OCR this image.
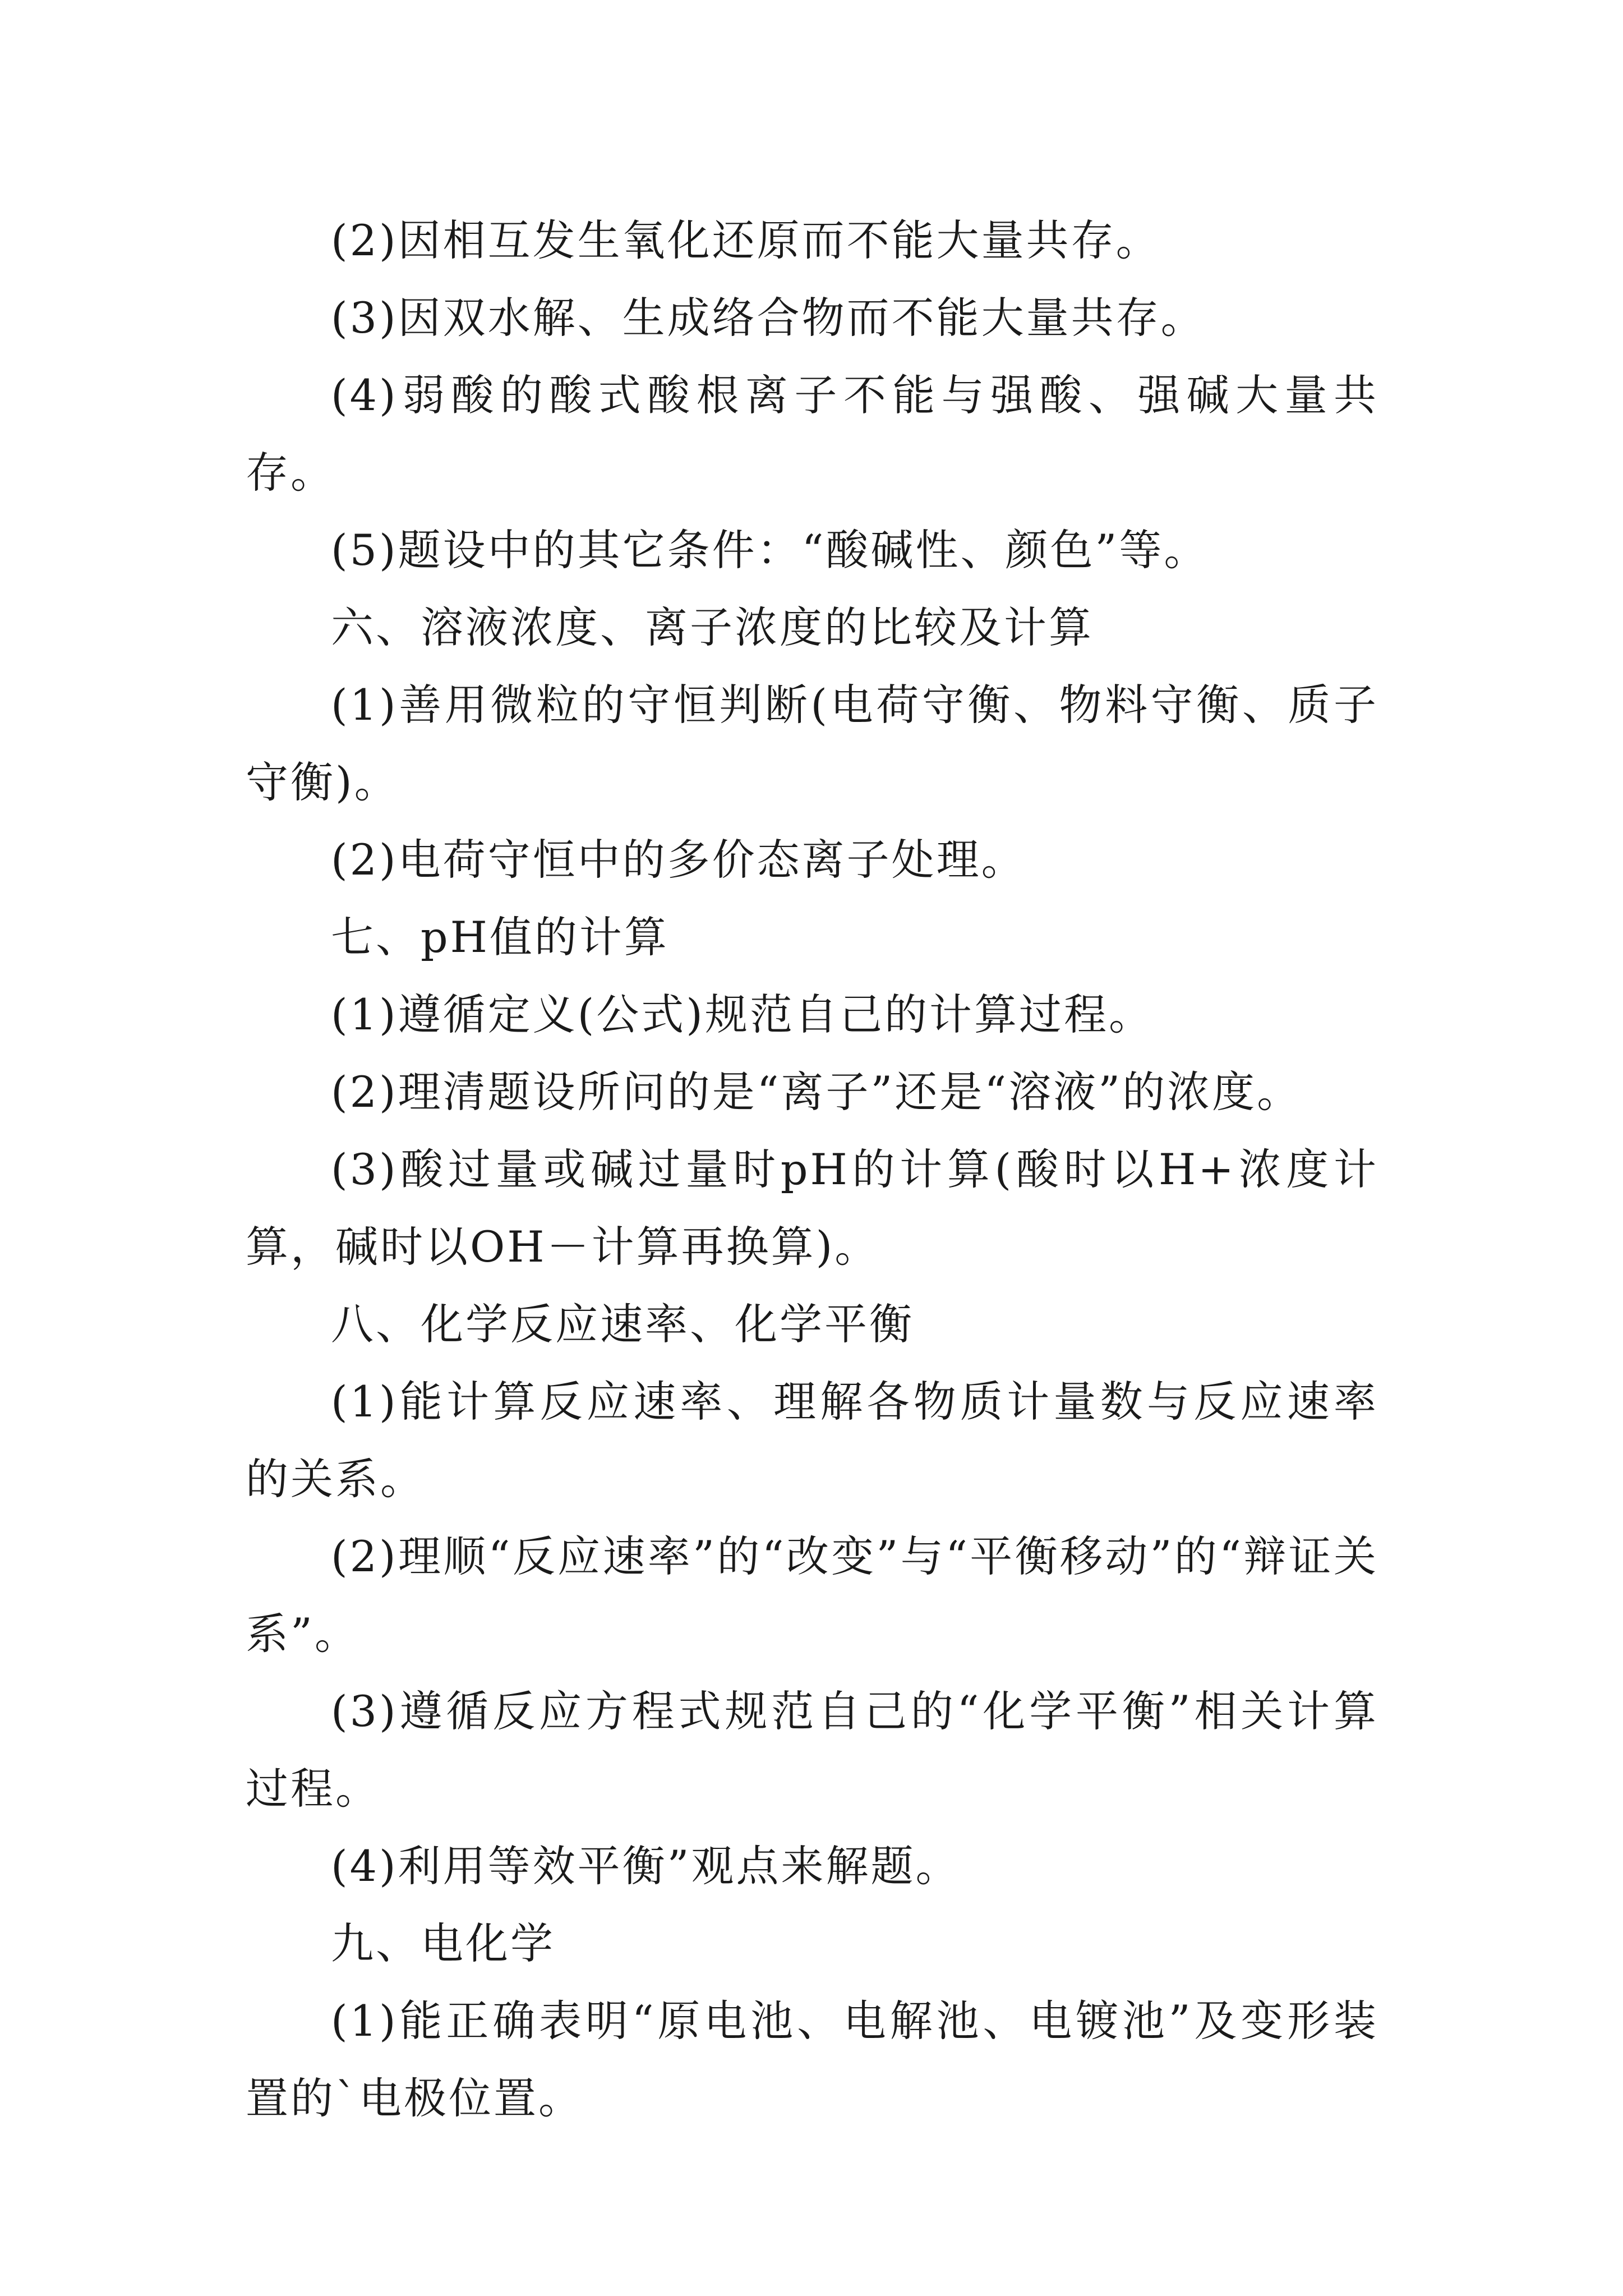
(2)因相互发生氧化还原而不能大量共存。

(3)因双水解、生成络合物而不能大量共存。

(4)弱酸的酸式酸根离子不能与强酸、强碱大量共存。

(5)题设中的其它条件：“酸碱性、颜色”等。

六、溶液浓度、离子浓度的比较及计算

(1)善用微粒的守恒判断(电荷守衡、物料守衡、质子守衡)。

(2)电荷守恒中的多价态离子处理。

七、pH值的计算

(1)遵循定义(公式)规范自己的计算过程。

(2)理清题设所问的是“离子”还是“溶液”的浓度。

(3)酸过量或碱过量时pH的计算(酸时以H+浓度计算，碱时以OH－计算再换算)。

八、化学反应速率、化学平衡

(1)能计算反应速率、理解各物质计量数与反应速率的关系。

(2)理顺“反应速率”的“改变”与“平衡移动”的“辩证关系”。

(3)遵循反应方程式规范自己的“化学平衡”相关计算过程。

(4)利用等效平衡”观点来解题。

九、电化学

(1)能正确表明“原电池、电解池、电镀池”及变形装置的`电极位置。
